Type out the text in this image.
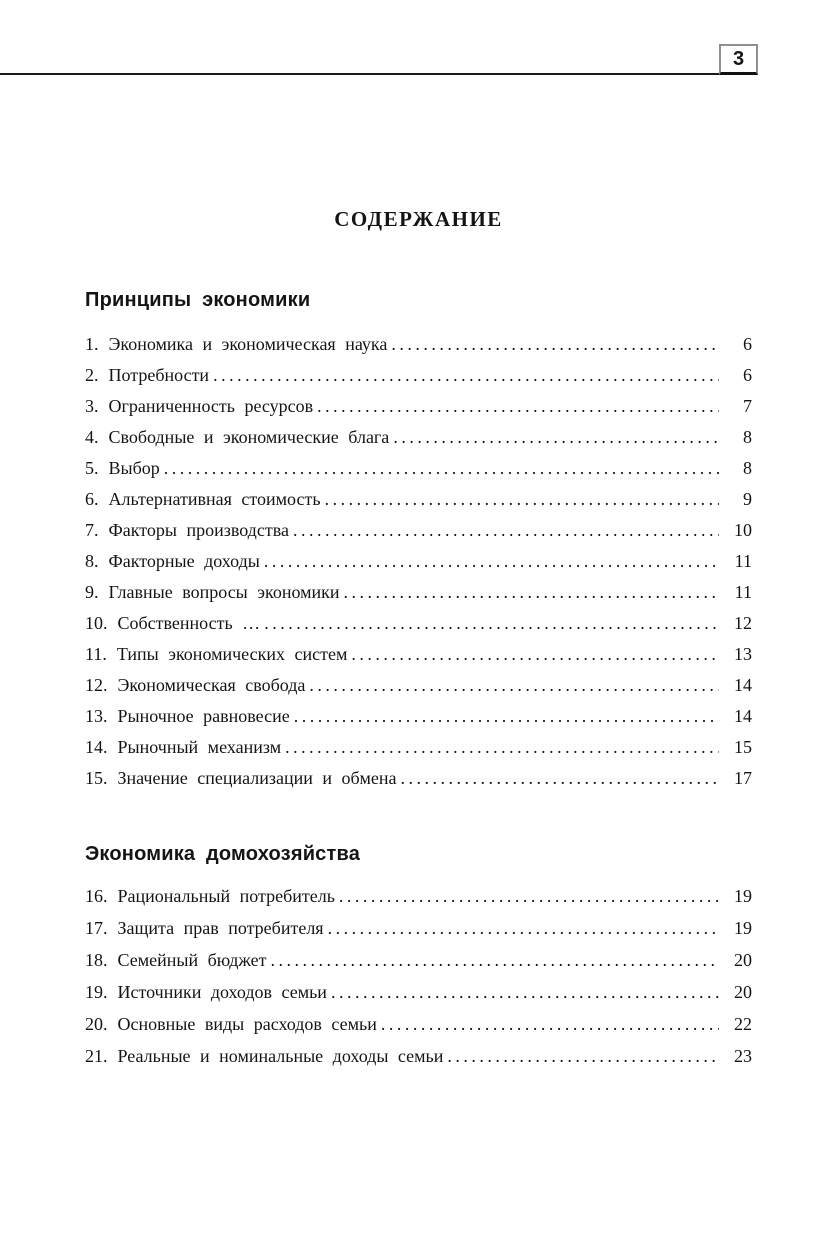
3
СОДЕРЖАНИЕ
Принципы экономики
1. Экономика и экономическая наука .....	6
2. Потребности .....	6
3. Ограниченность ресурсов .....	7
4. Свободные и экономические блага .....	8
5. Выбор .....	8
6. Альтернативная стоимость .....	9
7. Факторы производства .....	10
8. Факторные доходы .....	11
9. Главные вопросы экономики .....	11
10. Собственность … .....	12
11. Типы экономических систем .....	13
12. Экономическая свобода .....	14
13. Рыночное равновесие .....	14
14. Рыночный механизм .....	15
15. Значение специализации и обмена .....	17
Экономика домохозяйства
16. Рациональный потребитель .....	19
17. Защита прав потребителя .....	19
18. Семейный бюджет .....	20
19. Источники доходов семьи .....	20
20. Основные виды расходов семьи .....	22
21. Реальные и номинальные доходы семьи .....	23
